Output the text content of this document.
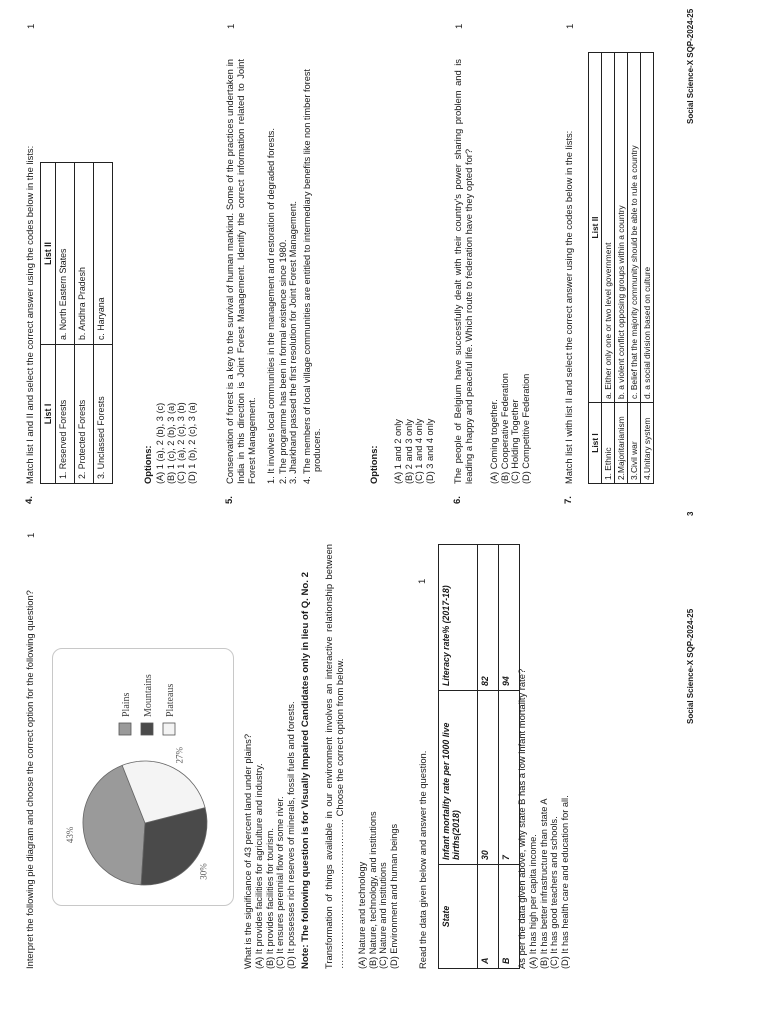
Interpret the following pie diagram and choose the correct option for the following question?
1
43%
30%
27%
Plains Mountains Plateaus
What is the significance of 43 percent land under plains? (A) It provides facilities for agriculture and industry. (B) It provides facilities for tourism. (C) It ensures perennial flow of some river. (D) It possesses rich reserves of minerals, fossil fuels and forests. Note: The following question is for Visually Impaired Candidates only in lieu of Q. No. 2 Transformation of things available in our environment involves an interactive relationship between ………………………………………… Choose the correct option from below. (A) Nature and technology (B) Nature, technology, and institutions (C) Nature and institutions (D) Environment and human beings Read the data given below and answer the question.
1
State	Infant mortality rate per 1000 live births(2018)	Literacy rate% (2017-18)
A	30	82
B	7	94 As per the data given above, why state B has a low infant mortality rate? (A) It has high per capita income. (B) It has better infrastructure than state A (C) It has good teachers and schools. (D) It has health care and education for all.
Social Science-X SQP-2024-25
3
4.
Match list I and II and select the correct answer using the codes below in the lists:
1
List I	List II
1. Reserved Forests	a. North Eastern States
2. Protected Forests	b. Andhra Pradesh
3. Unclassed Forests	c. Haryana
Options: (A) 1 (a), 2 (b), 3 (c) (B) 1 (c), 2 (b), 3 (a) (C) 1 (a), 2 (c), 3 (b) (D) 1 (b), 2 (c), 3 (a)
5.
Conservation of forest is a key to the survival of human mankind. Some of the practices undertaken in India in this direction is Joint Forest Management. Identify the correct information related to Joint Forest Management.
1
1. It involves local communities in the management and restoration of degraded forests. 2. The programme has been in formal existence since 1980. 3. Jharkhand passed the first resolution for Joint Forest Management. 4. The members of local village communities are entitled to intermediary benefits like non timber forest producers.	Options: (A) 1 and 2 only (B) 2 and 3 only (C) 1 and 4 only (D) 3 and 4 only
6.
The people of Belgium have successfully dealt with their country's power sharing problem and is leading a happy and peaceful life. Which route to federation have they opted for?
1
(A) Coming together. (B) Cooperative Federation (C) Holding Together (D) Competitive Federation
7.
Match list I with list II and select the correct answer using the codes below in the lists:
1
List I	List II
1. Ethnic	a. Either only one or two level government
2.Majoritarianism	b. a violent conflict opposing groups within a country
3.Civil war	c. Belief that the majority community should be able to rule a country
4.Unitary system	d. a social division based on culture
Social Science-X SQP-2024-25
